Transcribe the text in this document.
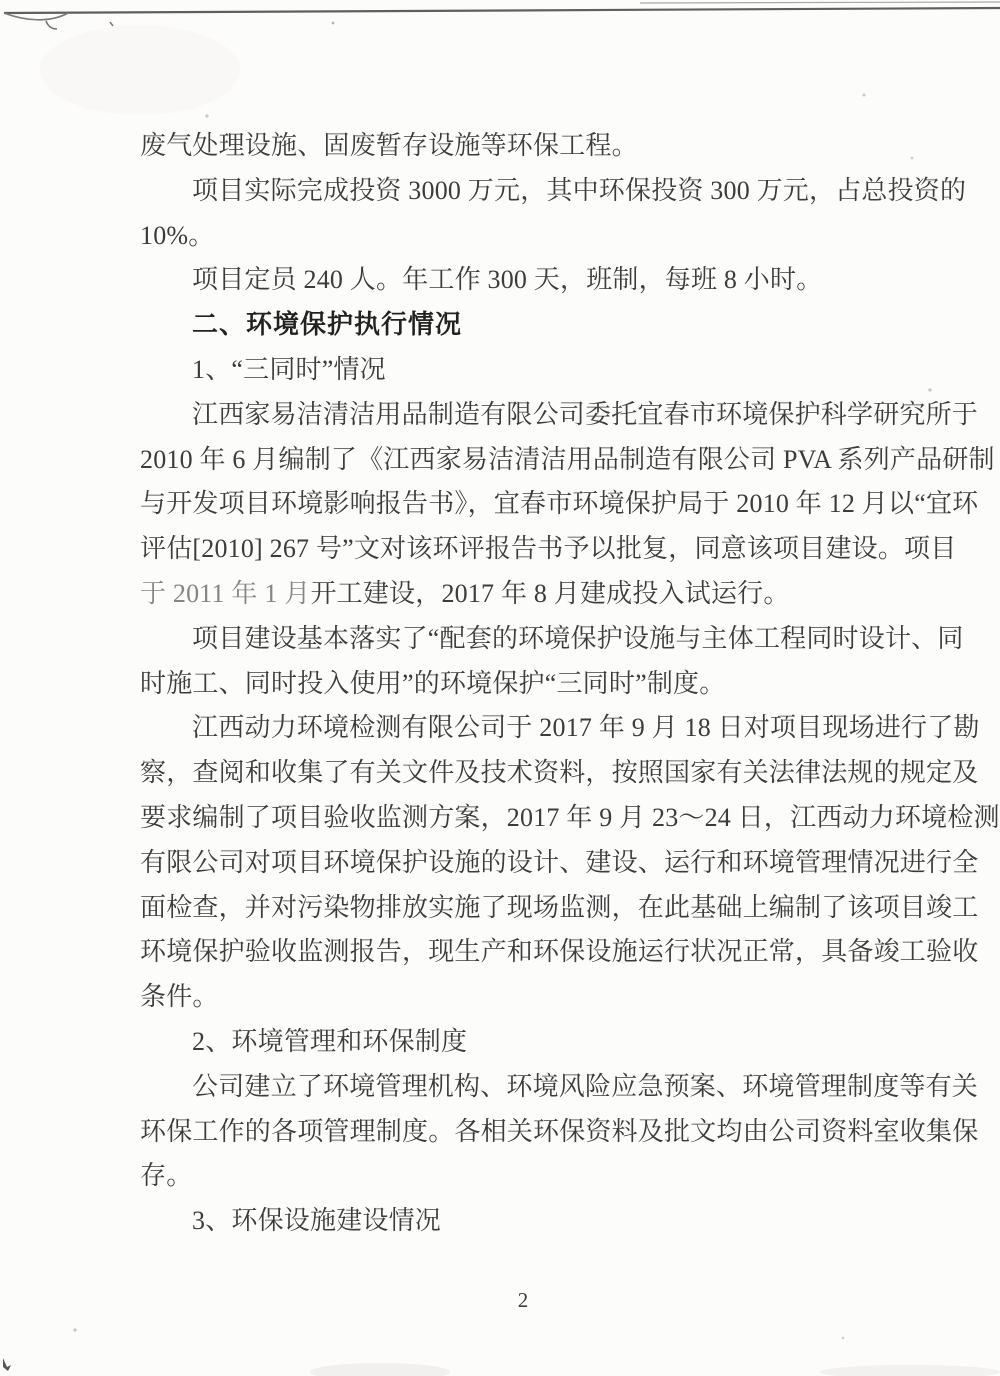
废气处理设施、固废暂存设施等环保工程。
项目实际完成投资 3000 万元，其中环保投资 300 万元，占总投资的
10%。
项目定员 240 人。年工作 300 天，班制，每班 8 小时。
二、环境保护执行情况
1、“三同时”情况
江西家易洁清洁用品制造有限公司委托宜春市环境保护科学研究所于
2010 年 6 月编制了《江西家易洁清洁用品制造有限公司 PVA 系列产品研制
与开发项目环境影响报告书》，宜春市环境保护局于 2010 年 12 月以“宜环
评估[2010] 267 号”文对该环评报告书予以批复，同意该项目建设。项目
于 2011 年 1 月开工建设，2017 年 8 月建成投入试运行。
项目建设基本落实了“配套的环境保护设施与主体工程同时设计、同
时施工、同时投入使用”的环境保护“三同时”制度。
江西动力环境检测有限公司于 2017 年 9 月 18 日对项目现场进行了勘
察，查阅和收集了有关文件及技术资料，按照国家有关法律法规的规定及
要求编制了项目验收监测方案，2017 年 9 月 23～24 日，江西动力环境检测
有限公司对项目环境保护设施的设计、建设、运行和环境管理情况进行全
面检查，并对污染物排放实施了现场监测，在此基础上编制了该项目竣工
环境保护验收监测报告，现生产和环保设施运行状况正常，具备竣工验收
条件。
2、环境管理和环保制度
公司建立了环境管理机构、环境风险应急预案、环境管理制度等有关
环保工作的各项管理制度。各相关环保资料及批文均由公司资料室收集保
存。
3、环保设施建设情况
2
